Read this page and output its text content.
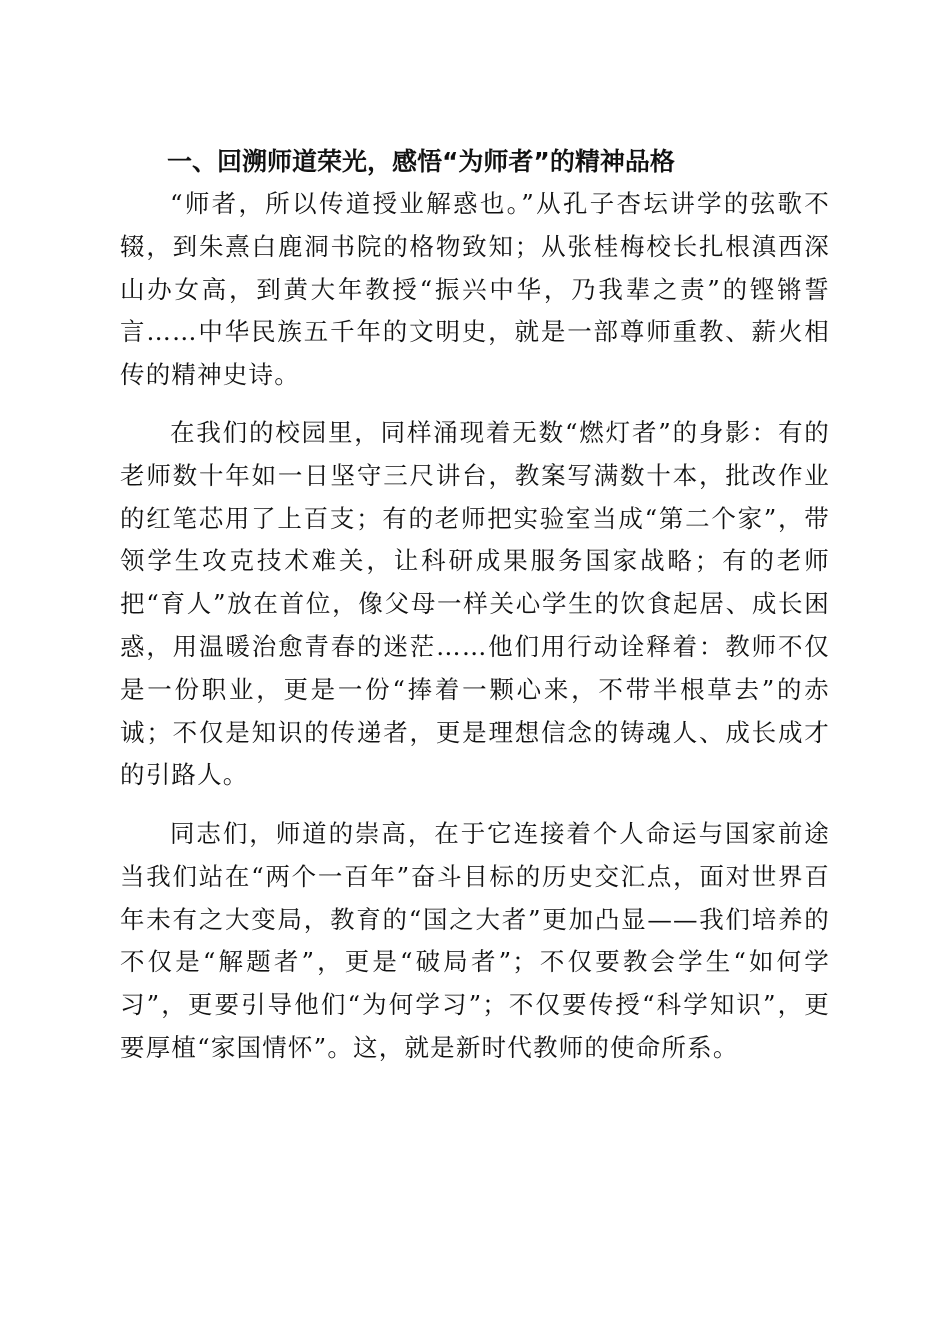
一、回溯师道荣光，感悟“为师者”的精神品格

“师者，所以传道授业解惑也。”从孔子杏坛讲学的弦歌不辍，到朱熹白鹿洞书院的格物致知；从张桂梅校长扎根滇西深山办女高，到黄大年教授“振兴中华，乃我辈之责”的铿锵誓言……中华民族五千年的文明史，就是一部尊师重教、薪火相传的精神史诗。

在我们的校园里，同样涌现着无数“燃灯者”的身影：有的老师数十年如一日坚守三尺讲台，教案写满数十本，批改作业的红笔芯用了上百支；有的老师把实验室当成“第二个家”，带领学生攻克技术难关，让科研成果服务国家战略；有的老师把“育人”放在首位，像父母一样关心学生的饮食起居、成长困惑，用温暖治愈青春的迷茫……他们用行动诠释着：教师不仅是一份职业，更是一份“捧着一颗心来，不带半根草去”的赤诚；不仅是知识的传递者，更是理想信念的铸魂人、成长成才的引路人。

同志们，师道的崇高，在于它连接着个人命运与国家前途当我们站在“两个一百年”奋斗目标的历史交汇点，面对世界百年未有之大变局，教育的“国之大者”更加凸显——我们培养的不仅是“解题者”，更是“破局者”；不仅要教会学生“如何学习”，更要引导他们“为何学习”；不仅要传授“科学知识”，更要厚植“家国情怀”。这，就是新时代教师的使命所系。
